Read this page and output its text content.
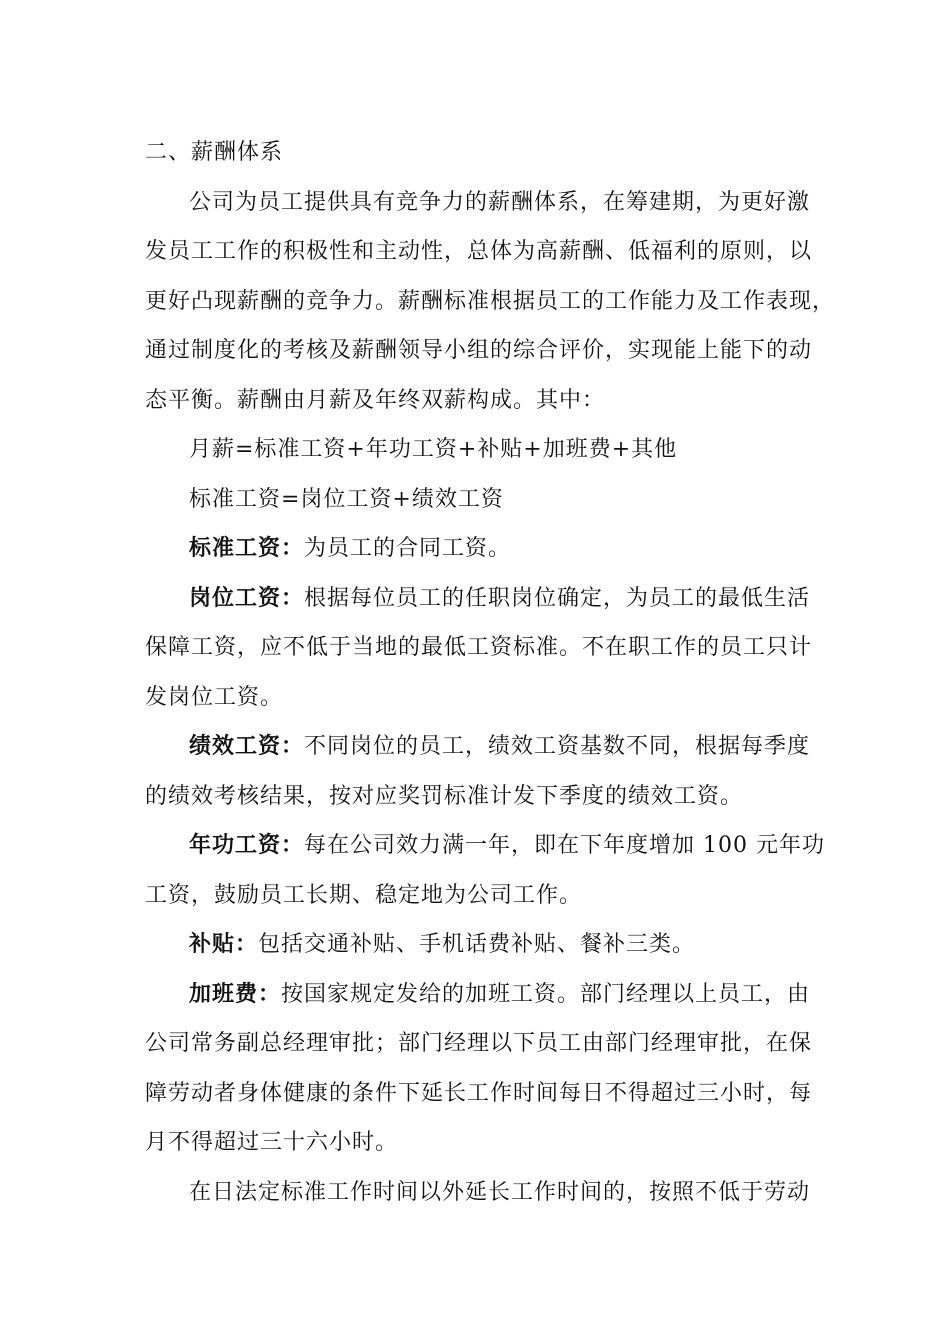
二、薪酬体系
公司为员工提供具有竞争力的薪酬体系，在筹建期，为更好激
发员工工作的积极性和主动性，总体为高薪酬、低福利的原则，以
更好凸现薪酬的竞争力。薪酬标准根据员工的工作能力及工作表现，
通过制度化的考核及薪酬领导小组的综合评价，实现能上能下的动
态平衡。薪酬由月薪及年终双薪构成。其中：
月薪=标准工资+年功工资+补贴+加班费+其他
标准工资=岗位工资+绩效工资
标准工资：为员工的合同工资。
岗位工资：根据每位员工的任职岗位确定，为员工的最低生活
保障工资，应不低于当地的最低工资标准。不在职工作的员工只计
发岗位工资。
绩效工资：不同岗位的员工，绩效工资基数不同，根据每季度
的绩效考核结果，按对应奖罚标准计发下季度的绩效工资。
年功工资：每在公司效力满一年，即在下年度增加 100 元年功
工资，鼓励员工长期、稳定地为公司工作。
补贴：包括交通补贴、手机话费补贴、餐补三类。
加班费：按国家规定发给的加班工资。部门经理以上员工，由
公司常务副总经理审批；部门经理以下员工由部门经理审批，在保
障劳动者身体健康的条件下延长工作时间每日不得超过三小时，每
月不得超过三十六小时。
在日法定标准工作时间以外延长工作时间的，按照不低于劳动
